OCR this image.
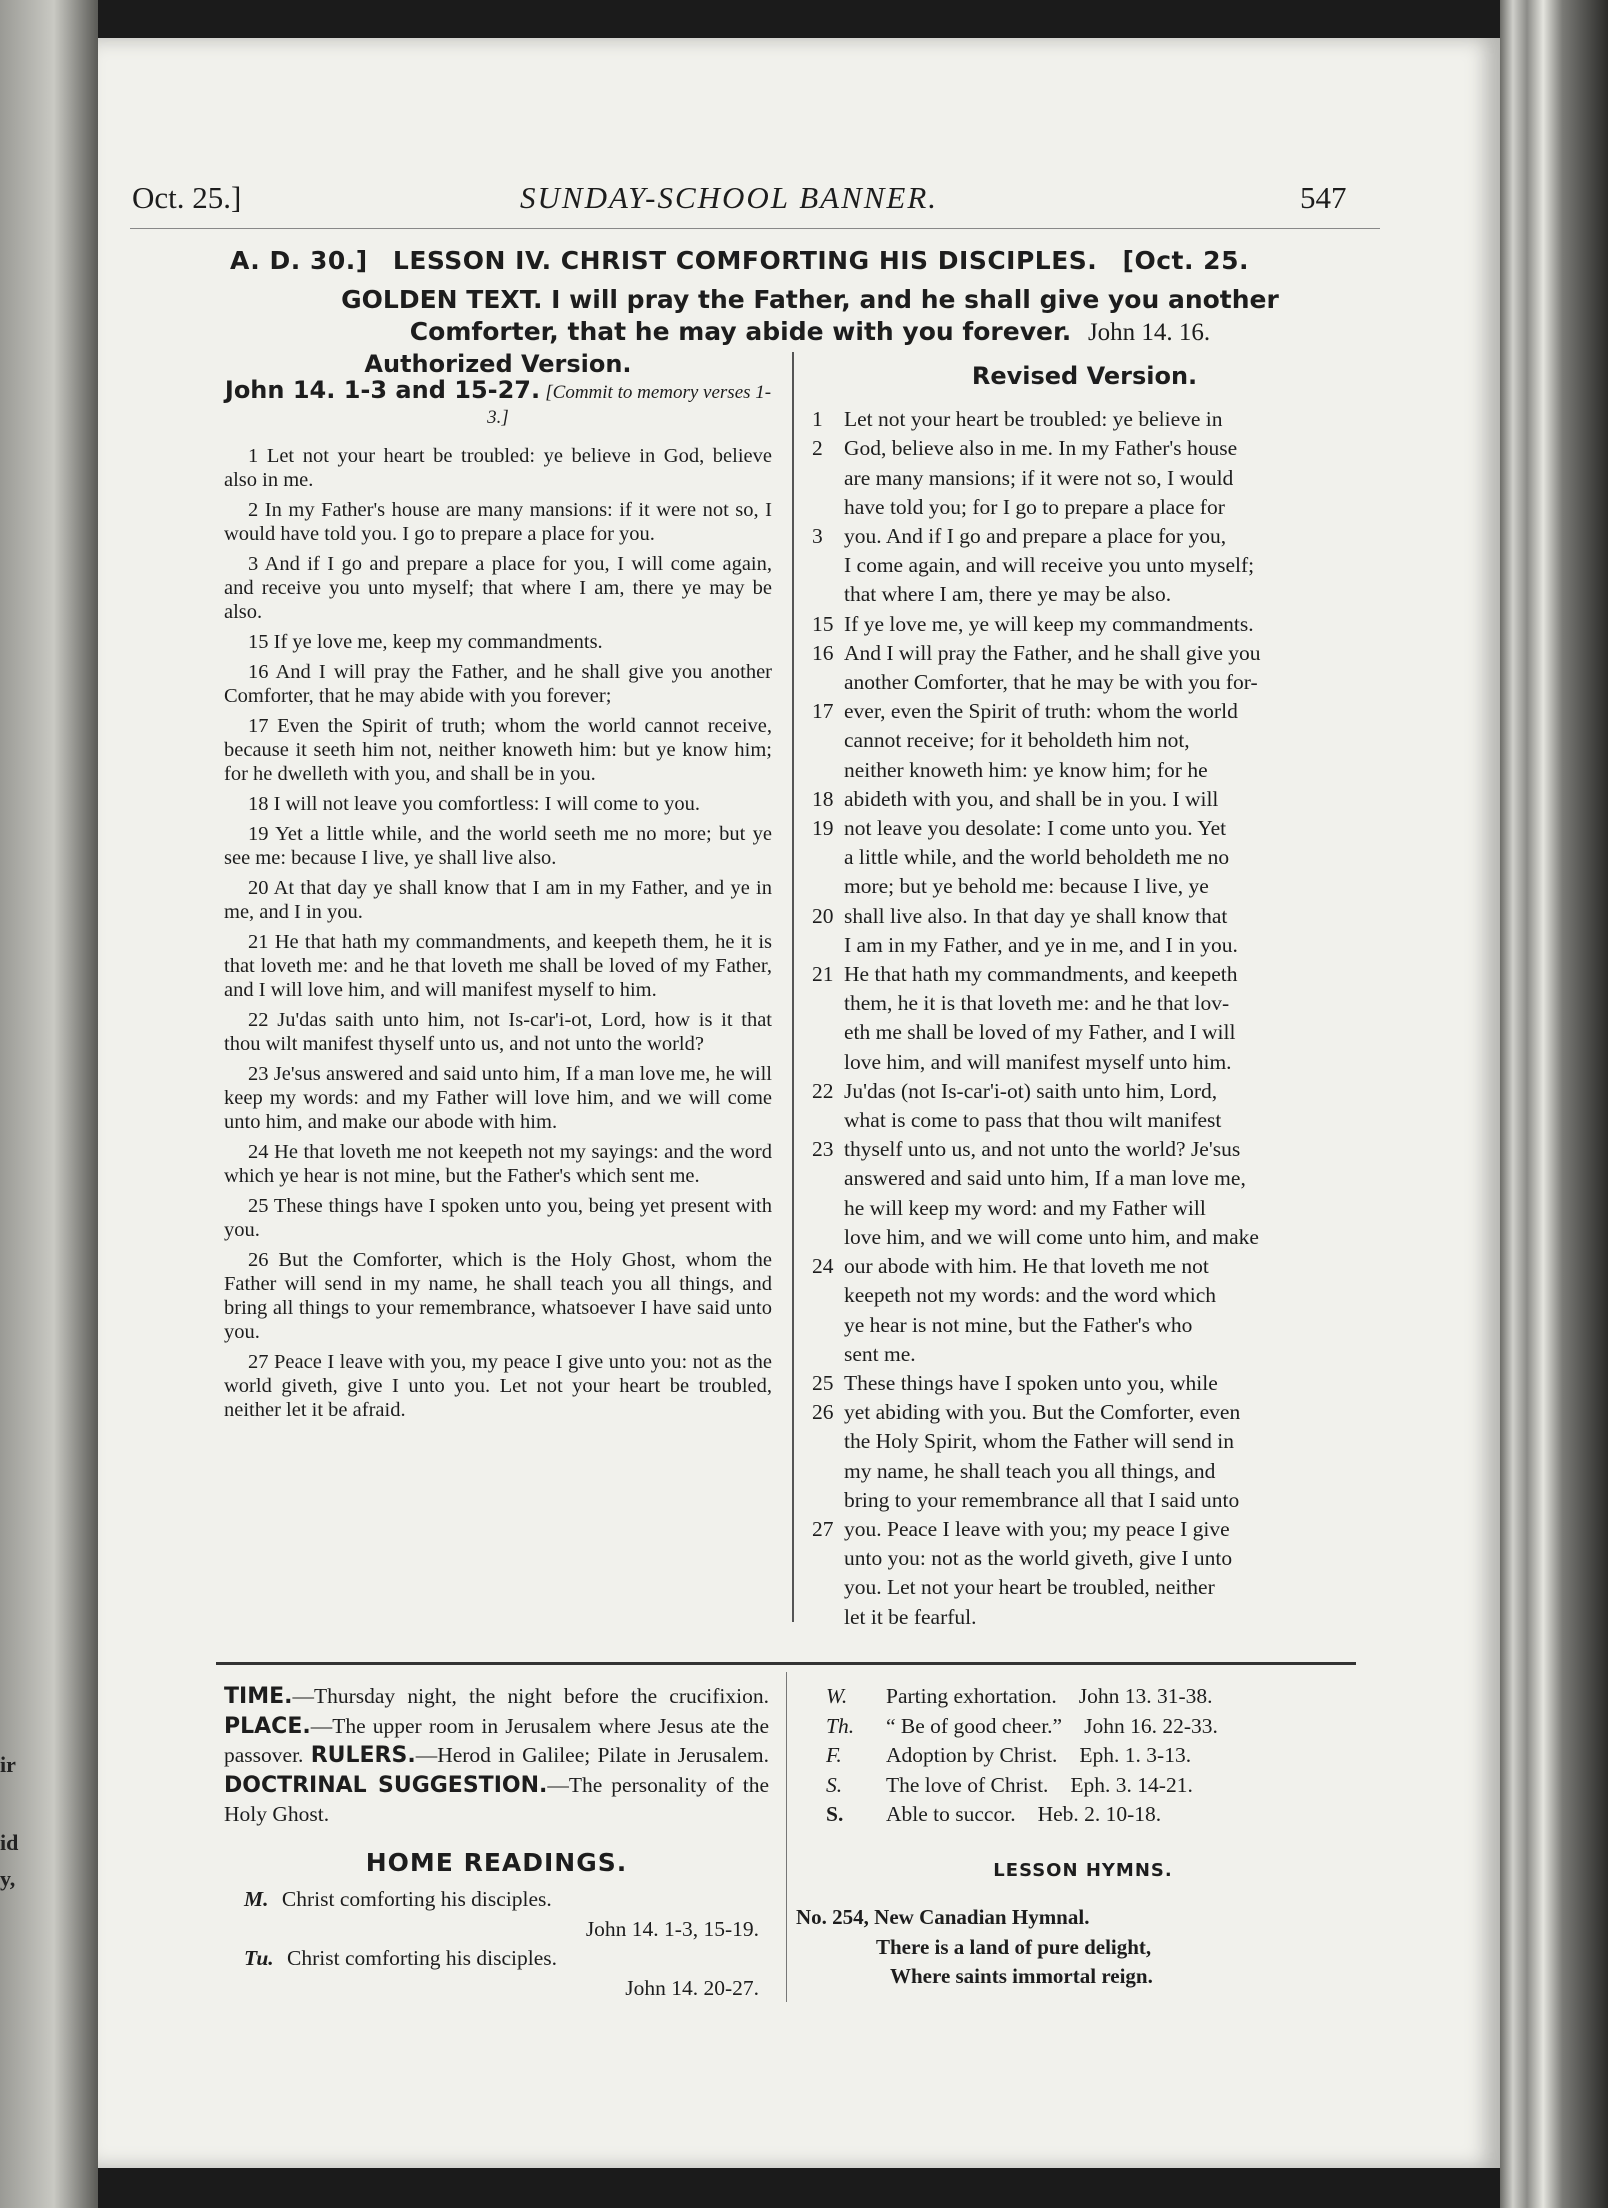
ir
id
y,
Oct. 25.]	SUNDAY-SCHOOL BANNER.	547
A. D. 30.] LESSON IV. CHRIST COMFORTING HIS DISCIPLES. [Oct. 25.
GOLDEN TEXT. I will pray the Father, and he shall give you another Comforter, that he may abide with you forever. John 14. 16.
Authorized Version.
John 14. 1-3 and 15-27. [Commit to memory verses 1-3.]
1 Let not your heart be troubled: ye believe in God, believe also in me.
2 In my Father's house are many mansions: if it were not so, I would have told you. I go to prepare a place for you.
3 And if I go and prepare a place for you, I will come again, and receive you unto myself; that where I am, there ye may be also.
15 If ye love me, keep my commandments.
16 And I will pray the Father, and he shall give you another Comforter, that he may abide with you forever;
17 Even the Spirit of truth; whom the world cannot receive, because it seeth him not, neither knoweth him: but ye know him; for he dwelleth with you, and shall be in you.
18 I will not leave you comfortless: I will come to you.
19 Yet a little while, and the world seeth me no more; but ye see me: because I live, ye shall live also.
20 At that day ye shall know that I am in my Father, and ye in me, and I in you.
21 He that hath my commandments, and keepeth them, he it is that loveth me: and he that loveth me shall be loved of my Father, and I will love him, and will manifest myself to him.
22 Ju'das saith unto him, not Is-car'i-ot, Lord, how is it that thou wilt manifest thyself unto us, and not unto the world?
23 Je'sus answered and said unto him, If a man love me, he will keep my words: and my Father will love him, and we will come unto him, and make our abode with him.
24 He that loveth me not keepeth not my sayings: and the word which ye hear is not mine, but the Father's which sent me.
25 These things have I spoken unto you, being yet present with you.
26 But the Comforter, which is the Holy Ghost, whom the Father will send in my name, he shall teach you all things, and bring all things to your remembrance, whatsoever I have said unto you.
27 Peace I leave with you, my peace I give unto you: not as the world giveth, give I unto you. Let not your heart be troubled, neither let it be afraid.
Revised Version.
1 Let not your heart be troubled: ye believe in
2 God, believe also in me. In my Father's house
are many mansions; if it were not so, I would
have told you; for I go to prepare a place for
3 you. And if I go and prepare a place for you,
I come again, and will receive you unto myself;
that where I am, there ye may be also.
15 If ye love me, ye will keep my commandments.
16 And I will pray the Father, and he shall give you
another Comforter, that he may be with you for-
17 ever, even the Spirit of truth: whom the world
cannot receive; for it beholdeth him not,
neither knoweth him: ye know him; for he
18 abideth with you, and shall be in you. I will
19 not leave you desolate: I come unto you. Yet
a little while, and the world beholdeth me no
more; but ye behold me: because I live, ye
20 shall live also. In that day ye shall know that
I am in my Father, and ye in me, and I in you.
21 He that hath my commandments, and keepeth
them, he it is that loveth me: and he that lov-
eth me shall be loved of my Father, and I will
love him, and will manifest myself unto him.
22 Ju'das (not Is-car'i-ot) saith unto him, Lord,
what is come to pass that thou wilt manifest
23 thyself unto us, and not unto the world? Je'sus
answered and said unto him, If a man love me,
he will keep my word: and my Father will
love him, and we will come unto him, and make
24 our abode with him. He that loveth me not
keepeth not my words: and the word which
ye hear is not mine, but the Father's who
sent me.
25 These things have I spoken unto you, while
26 yet abiding with you. But the Comforter, even
the Holy Spirit, whom the Father will send in
my name, he shall teach you all things, and
bring to your remembrance all that I said unto
27 you. Peace I leave with you; my peace I give
unto you: not as the world giveth, give I unto
you. Let not your heart be troubled, neither
let it be fearful.
TIME.—Thursday night, the night before the crucifixion. PLACE.—The upper room in Jerusalem where Jesus ate the passover. RULERS.—Herod in Galilee; Pilate in Jerusalem. DOCTRINAL SUGGESTION.—The personality of the Holy Ghost.
HOME READINGS.
M. Christ comforting his disciples.
John 14. 1-3, 15-19.
Tu. Christ comforting his disciples.
John 14. 20-27.
W.	Parting exhortation. John 13. 31-38.
Th.	“ Be of good cheer.” John 16. 22-33.
F.	Adoption by Christ. Eph. 1. 3-13.
S.	The love of Christ. Eph. 3. 14-21.
S.	Able to succor. Heb. 2. 10-18.
LESSON HYMNS.
No. 254, New Canadian Hymnal.
There is a land of pure delight,
Where saints immortal reign.
